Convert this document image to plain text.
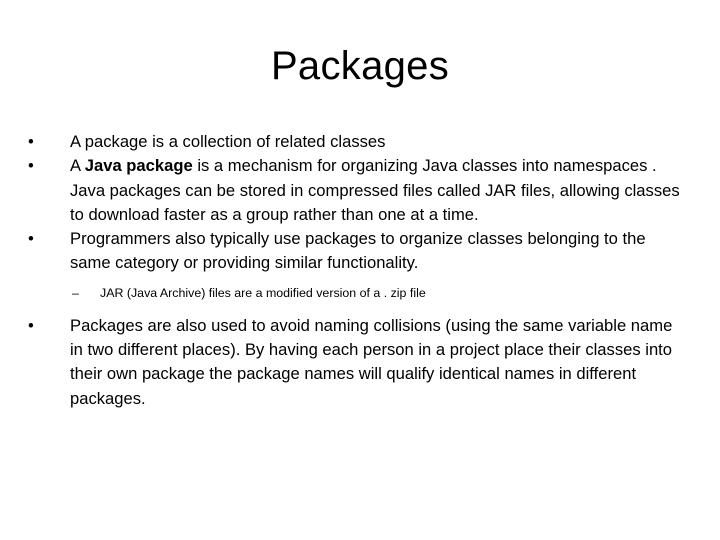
Packages
•	A package is a collection of related classes
•	A Java package is a mechanism for organizing Java classes into namespaces . Java packages can be stored in compressed files called JAR files, allowing classes to download faster as a group rather than one at a time.
•	Programmers also typically use packages to organize classes belonging to the same category or providing similar functionality.
– JAR (Java Archive) files are a modified version of a . zip file
•	Packages are also used to avoid naming collisions (using the same variable name in two different places). By having each person in a project place their classes into their own package the package names will qualify identical names in different packages.
